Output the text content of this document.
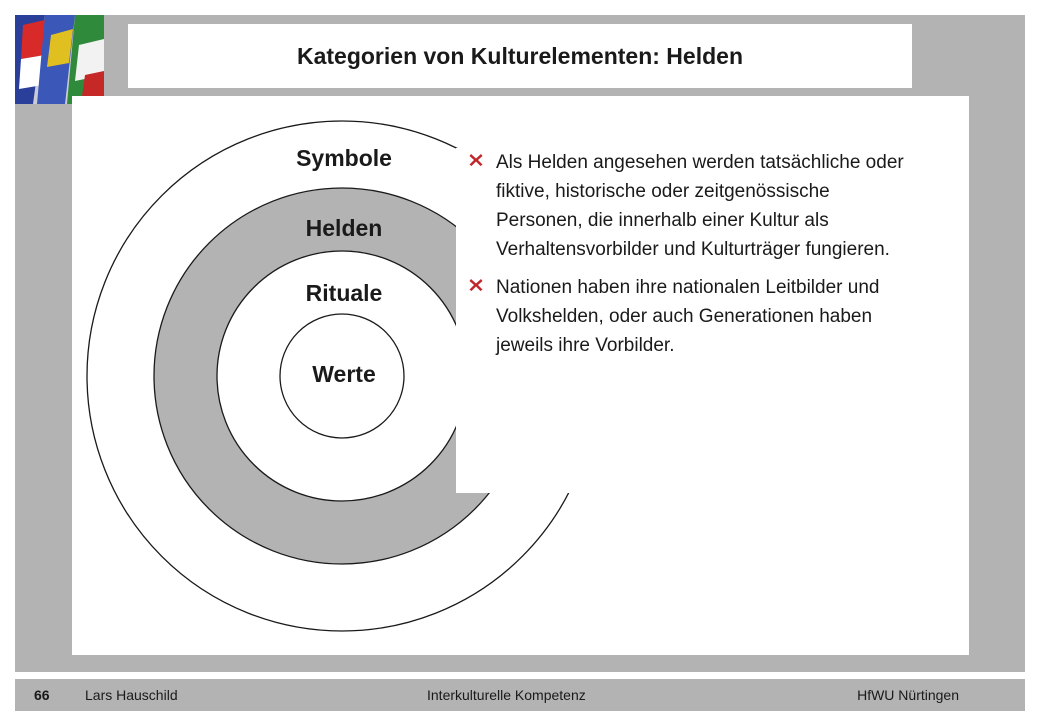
Kategorien von Kulturelementen: Helden
Symbole
Helden
Rituale
Werte
Als Helden angesehen werden tatsächliche oder fiktive, historische oder zeitgenössische Personen, die innerhalb einer Kultur als Verhaltensvorbilder und Kulturträger fungieren.
Nationen haben ihre nationalen Leitbilder und Volkshelden, oder auch Generationen haben jeweils ihre Vorbilder.
66	Lars Hauschild	Interkulturelle Kompetenz	HfWU Nürtingen
